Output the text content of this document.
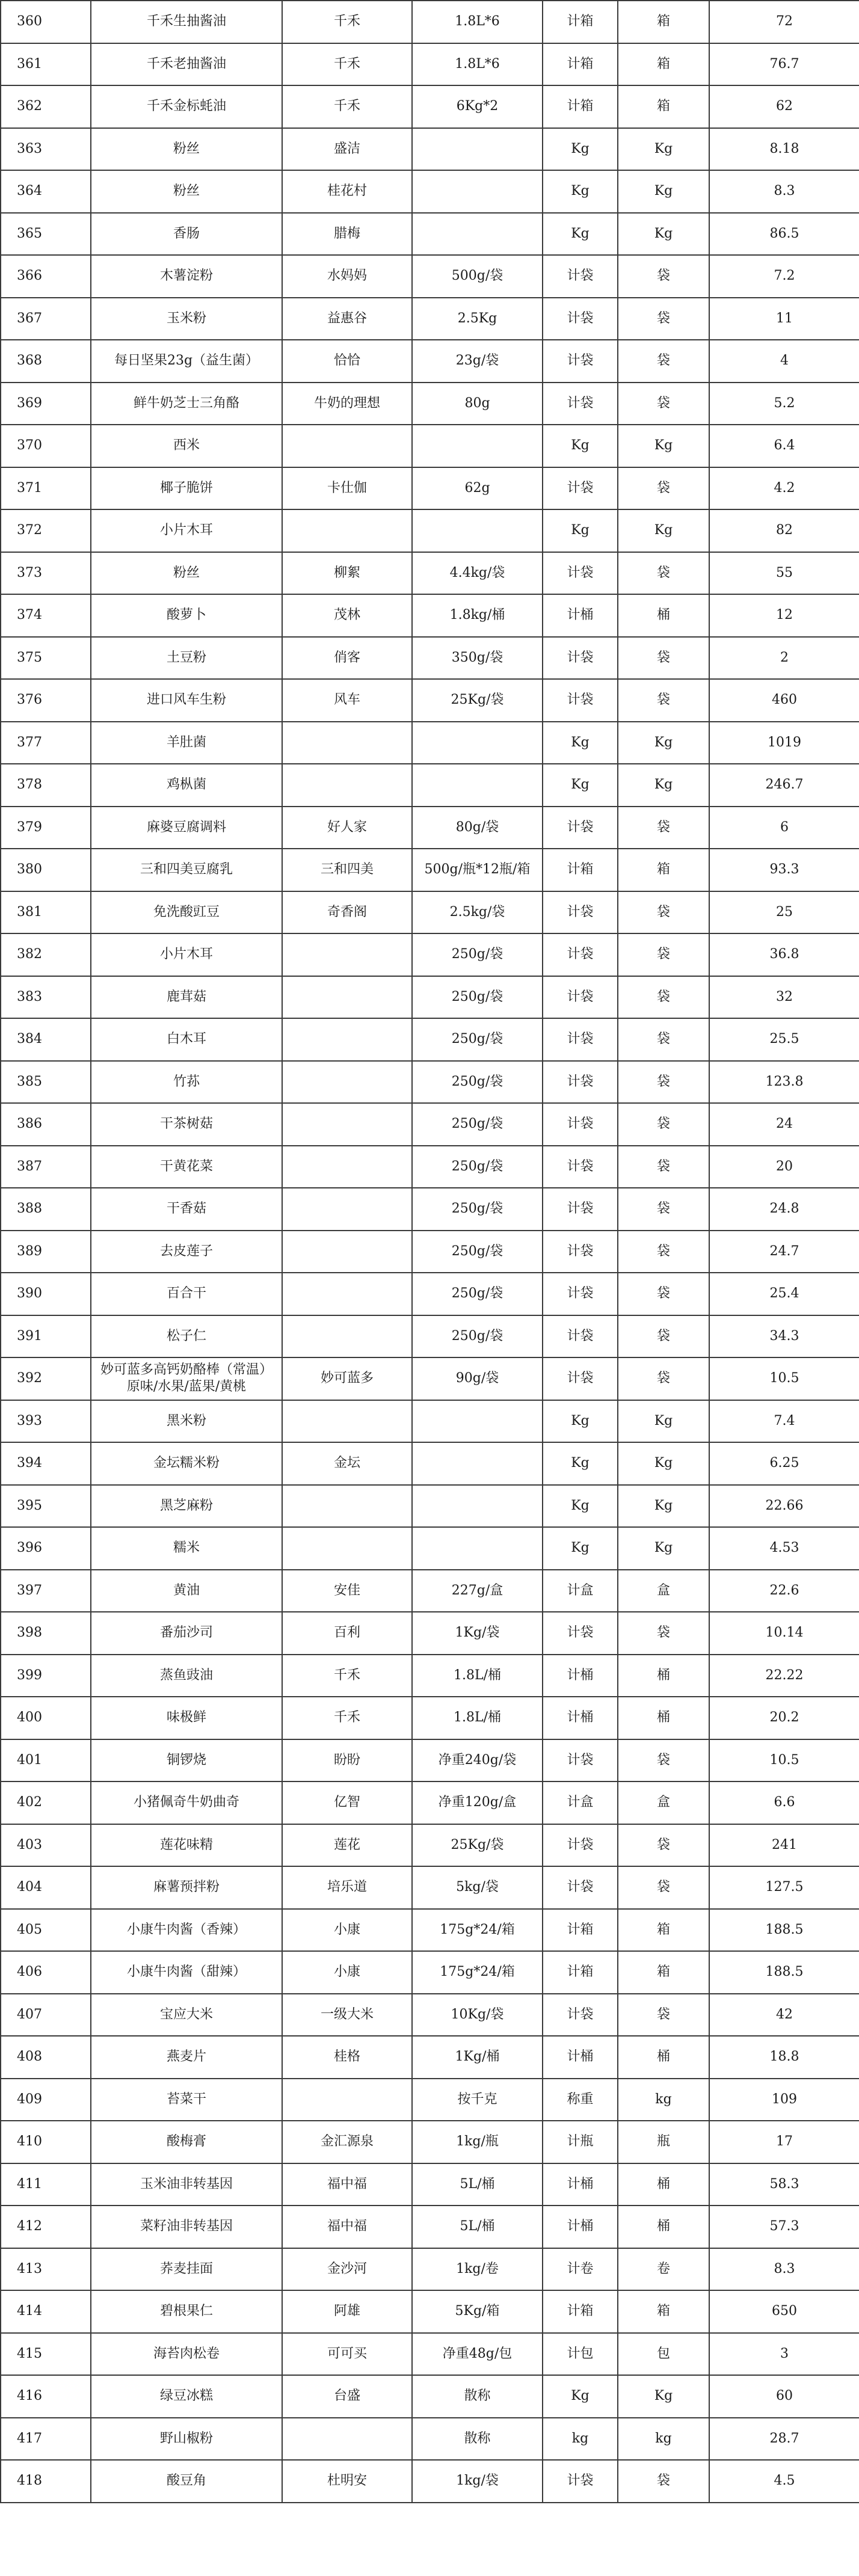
360	千禾生抽酱油	千禾	1.8L*6	计箱	箱	72
361	千禾老抽酱油	千禾	1.8L*6	计箱	箱	76.7
362	千禾金标蚝油	千禾	6Kg*2	计箱	箱	62
363	粉丝	盛洁		Kg	Kg	8.18
364	粉丝	桂花村		Kg	Kg	8.3
365	香肠	腊梅		Kg	Kg	86.5
366	木薯淀粉	水妈妈	500g/袋	计袋	袋	7.2
367	玉米粉	益惠谷	2.5Kg	计袋	袋	11
368	每日坚果23g（益生菌）	恰恰	23g/袋	计袋	袋	4
369	鲜牛奶芝士三角酪	牛奶的理想	80g	计袋	袋	5.2
370	西米			Kg	Kg	6.4
371	椰子脆饼	卡仕伽	62g	计袋	袋	4.2
372	小片木耳			Kg	Kg	82
373	粉丝	柳絮	4.4kg/袋	计袋	袋	55
374	酸萝卜	茂林	1.8kg/桶	计桶	桶	12
375	土豆粉	俏客	350g/袋	计袋	袋	2
376	进口风车生粉	风车	25Kg/袋	计袋	袋	460
377	羊肚菌			Kg	Kg	1019
378	鸡枞菌			Kg	Kg	246.7
379	麻婆豆腐调料	好人家	80g/袋	计袋	袋	6
380	三和四美豆腐乳	三和四美	500g/瓶*12瓶/箱	计箱	箱	93.3
381	免洗酸豇豆	奇香阁	2.5kg/袋	计袋	袋	25
382	小片木耳		250g/袋	计袋	袋	36.8
383	鹿茸菇		250g/袋	计袋	袋	32
384	白木耳		250g/袋	计袋	袋	25.5
385	竹荪		250g/袋	计袋	袋	123.8
386	干茶树菇		250g/袋	计袋	袋	24
387	干黄花菜		250g/袋	计袋	袋	20
388	干香菇		250g/袋	计袋	袋	24.8
389	去皮莲子		250g/袋	计袋	袋	24.7
390	百合干		250g/袋	计袋	袋	25.4
391	松子仁		250g/袋	计袋	袋	34.3
392	妙可蓝多高钙奶酪棒（常温）
原味/水果/蓝果/黄桃	妙可蓝多	90g/袋	计袋	袋	10.5
393	黑米粉			Kg	Kg	7.4
394	金坛糯米粉	金坛		Kg	Kg	6.25
395	黑芝麻粉			Kg	Kg	22.66
396	糯米			Kg	Kg	4.53
397	黄油	安佳	227g/盒	计盒	盒	22.6
398	番茄沙司	百利	1Kg/袋	计袋	袋	10.14
399	蒸鱼豉油	千禾	1.8L/桶	计桶	桶	22.22
400	味极鲜	千禾	1.8L/桶	计桶	桶	20.2
401	铜锣烧	盼盼	净重240g/袋	计袋	袋	10.5
402	小猪佩奇牛奶曲奇	亿智	净重120g/盒	计盒	盒	6.6
403	莲花味精	莲花	25Kg/袋	计袋	袋	241
404	麻薯预拌粉	培乐道	5kg/袋	计袋	袋	127.5
405	小康牛肉酱（香辣）	小康	175g*24/箱	计箱	箱	188.5
406	小康牛肉酱（甜辣）	小康	175g*24/箱	计箱	箱	188.5
407	宝应大米	一级大米	10Kg/袋	计袋	袋	42
408	燕麦片	桂格	1Kg/桶	计桶	桶	18.8
409	苔菜干		按千克	称重	kg	109
410	酸梅膏	金汇源泉	1kg/瓶	计瓶	瓶	17
411	玉米油非转基因	福中福	5L/桶	计桶	桶	58.3
412	菜籽油非转基因	福中福	5L/桶	计桶	桶	57.3
413	荞麦挂面	金沙河	1kg/卷	计卷	卷	8.3
414	碧根果仁	阿雄	5Kg/箱	计箱	箱	650
415	海苔肉松卷	可可买	净重48g/包	计包	包	3
416	绿豆冰糕	台盛	散称	Kg	Kg	60
417	野山椒粉		散称	kg	kg	28.7
418	酸豆角	杜明安	1kg/袋	计袋	袋	4.5
